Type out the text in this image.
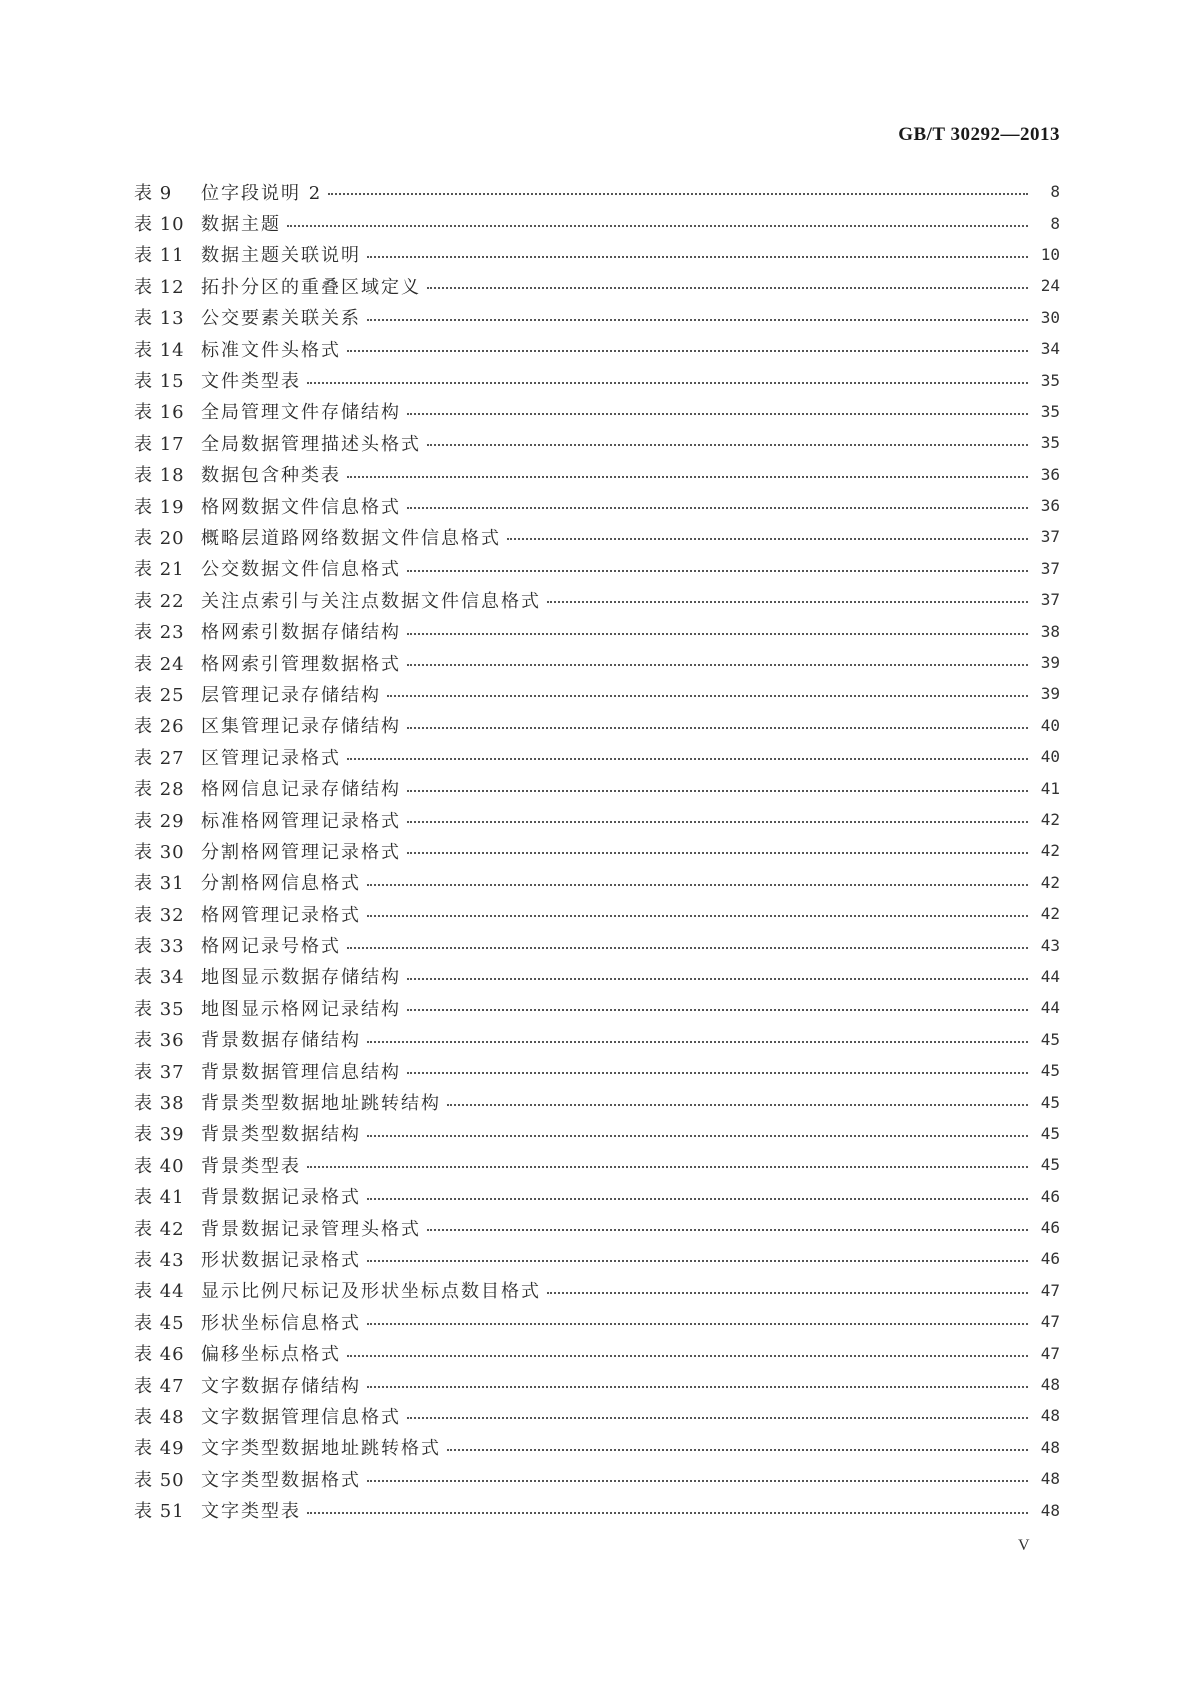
GB/T 30292—2013
表 9	位字段说明 2	8
表 10 数据主题	8
表 11 数据主题关联说明	10
表 12 拓扑分区的重叠区域定义	24
表 13 公交要素关联关系	30
表 14 标准文件头格式	34
表 15 文件类型表	35
表 16 全局管理文件存储结构	35
表 17 全局数据管理描述头格式	35
表 18 数据包含种类表	36
表 19 格网数据文件信息格式	36
表 20 概略层道路网络数据文件信息格式	37
表 21 公交数据文件信息格式	37
表 22 关注点索引与关注点数据文件信息格式	37
表 23 格网索引数据存储结构	38
表 24 格网索引管理数据格式	39
表 25 层管理记录存储结构	39
表 26 区集管理记录存储结构	40
表 27 区管理记录格式	40
表 28 格网信息记录存储结构	41
表 29 标准格网管理记录格式	42
表 30 分割格网管理记录格式	42
表 31 分割格网信息格式	42
表 32 格网管理记录格式	42
表 33 格网记录号格式	43
表 34 地图显示数据存储结构	44
表 35 地图显示格网记录结构	44
表 36 背景数据存储结构	45
表 37 背景数据管理信息结构	45
表 38 背景类型数据地址跳转结构	45
表 39 背景类型数据结构	45
表 40 背景类型表	45
表 41 背景数据记录格式	46
表 42 背景数据记录管理头格式	46
表 43 形状数据记录格式	46
表 44 显示比例尺标记及形状坐标点数目格式	47
表 45 形状坐标信息格式	47
表 46 偏移坐标点格式	47
表 47 文字数据存储结构	48
表 48 文字数据管理信息格式	48
表 49 文字类型数据地址跳转格式	48
表 50 文字类型数据格式	48
表 51 文字类型表	48
V
